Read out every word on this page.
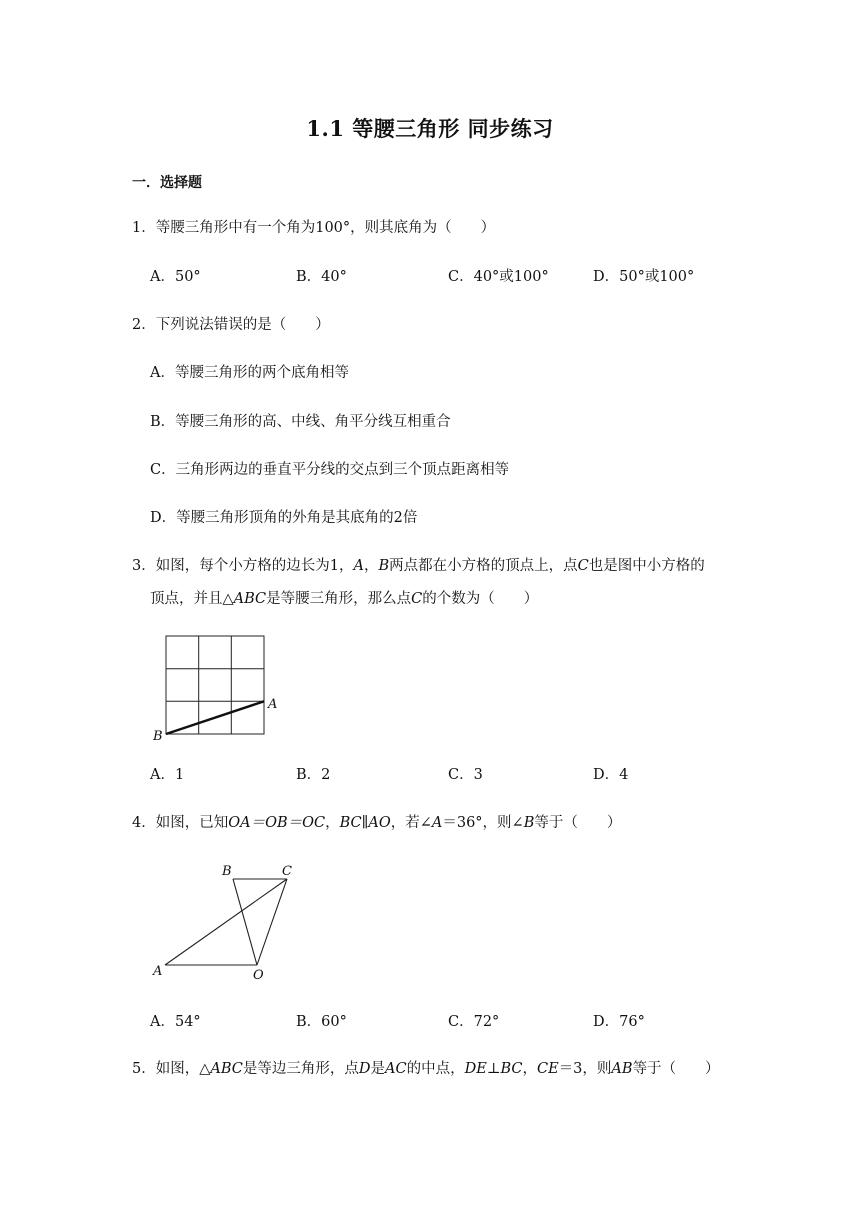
1.1 等腰三角形 同步练习
一．选择题
1．等腰三角形中有一个角为100°，则其底角为（　　）
A．50°	B．40°	C．40°或100°	D．50°或100°
2．下列说法错误的是（　　）
A．等腰三角形的两个底角相等
B．等腰三角形的高、中线、角平分线互相重合
C．三角形两边的垂直平分线的交点到三个顶点距离相等
D．等腰三角形顶角的外角是其底角的2倍
3．如图，每个小方格的边长为1，A，B两点都在小方格的顶点上，点C也是图中小方格的
顶点，并且△ABC是等腰三角形，那么点C的个数为（　　）
A
B
A．1	B．2	C．3	D．4
4．如图，已知OA＝OB＝OC，BC∥AO，若∠A＝36°，则∠B等于（　　）
B	C
A	O
A．54°	B．60°	C．72°	D．76°
5．如图，△ABC是等边三角形，点D是AC的中点，DE⊥BC，CE＝3，则AB等于（　　）
